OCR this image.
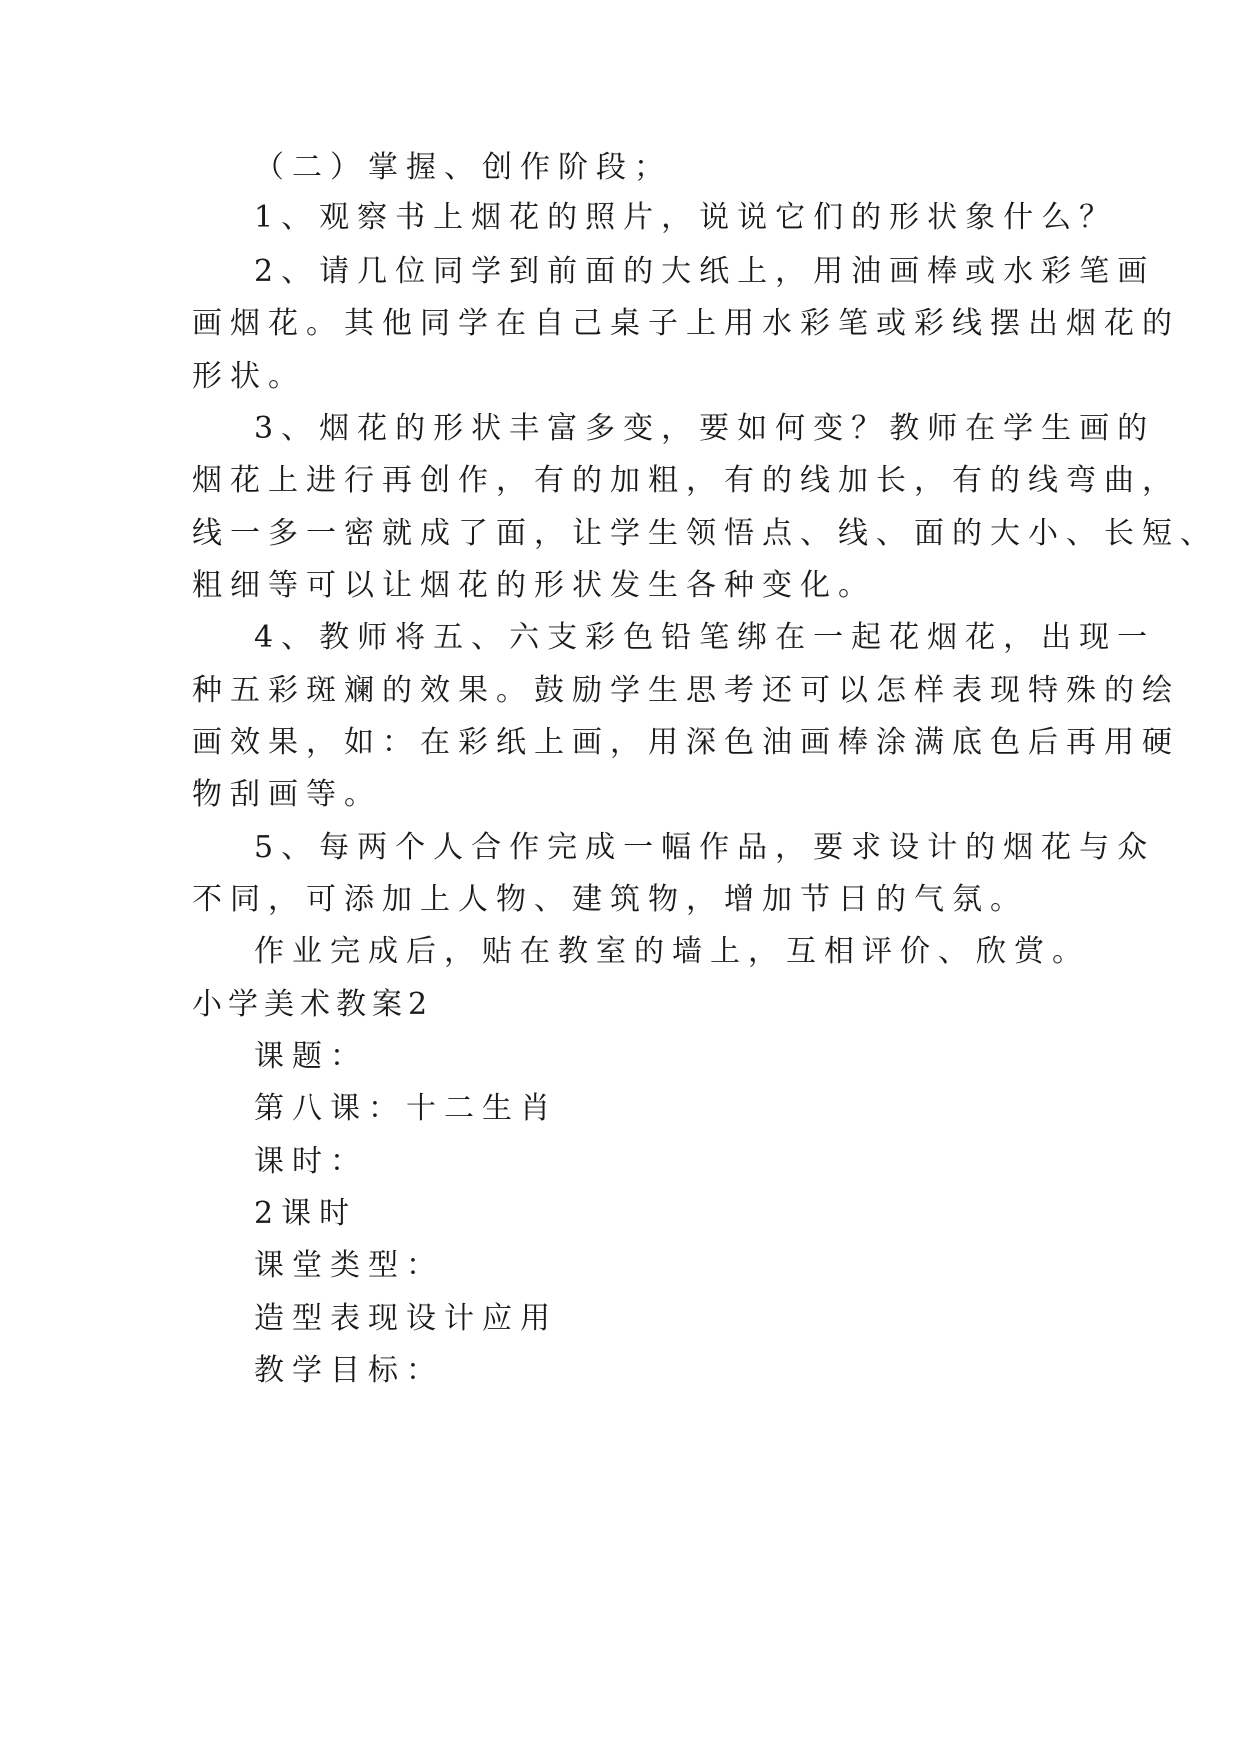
（二）掌握、创作阶段；
1、观察书上烟花的照片，说说它们的形状象什么？
2、请几位同学到前面的大纸上，用油画棒或水彩笔画
画烟花。其他同学在自己桌子上用水彩笔或彩线摆出烟花的
形状。
3、烟花的形状丰富多变，要如何变？教师在学生画的
烟花上进行再创作，有的加粗，有的线加长，有的线弯曲，
线一多一密就成了面，让学生领悟点、线、面的大小、长短、
粗细等可以让烟花的形状发生各种变化。
4、教师将五、六支彩色铅笔绑在一起花烟花，出现一
种五彩斑斓的效果。鼓励学生思考还可以怎样表现特殊的绘
画效果，如：在彩纸上画，用深色油画棒涂满底色后再用硬
物刮画等。
5、每两个人合作完成一幅作品，要求设计的烟花与众
不同，可添加上人物、建筑物，增加节日的气氛。
作业完成后，贴在教室的墙上，互相评价、欣赏。
小学美术教案2
课题：
第八课：十二生肖
课时：
2课时
课堂类型：
造型表现设计应用
教学目标：
